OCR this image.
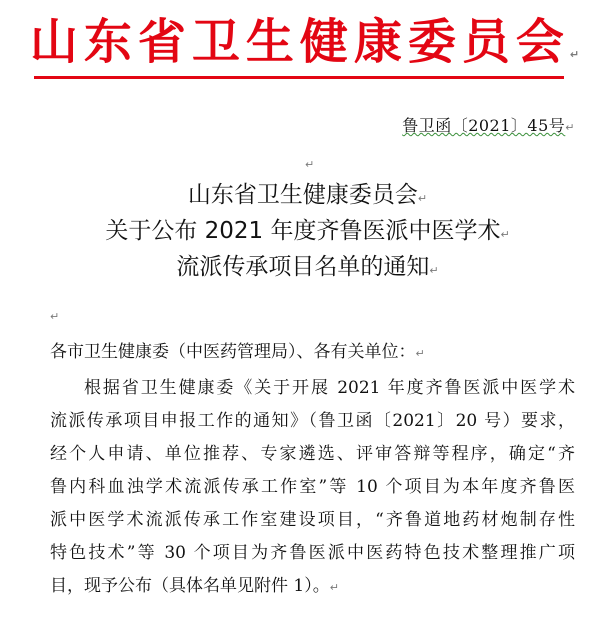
山东省卫生健康委员会↵
鲁卫函〔2021〕45号↵
↵
山东省卫生健康委员会↵
关于公布 2021 年度齐鲁医派中医学术↵
流派传承项目名单的通知↵
↵
各市卫生健康委（中医药管理局）、各有关单位：↵
根据省卫生健康委《关于开展 2021 年度齐鲁医派中医学术
流派传承项目申报工作的通知》（鲁卫函〔2021〕20 号）要求，
经个人申请、单位推荐、专家遴选、评审答辩等程序，确定“齐
鲁内科血浊学术流派传承工作室”等 10 个项目为本年度齐鲁医
派中医学术流派传承工作室建设项目，“齐鲁道地药材炮制存性
特色技术”等 30 个项目为齐鲁医派中医药特色技术整理推广项
目，现予公布（具体名单见附件 1）。↵
